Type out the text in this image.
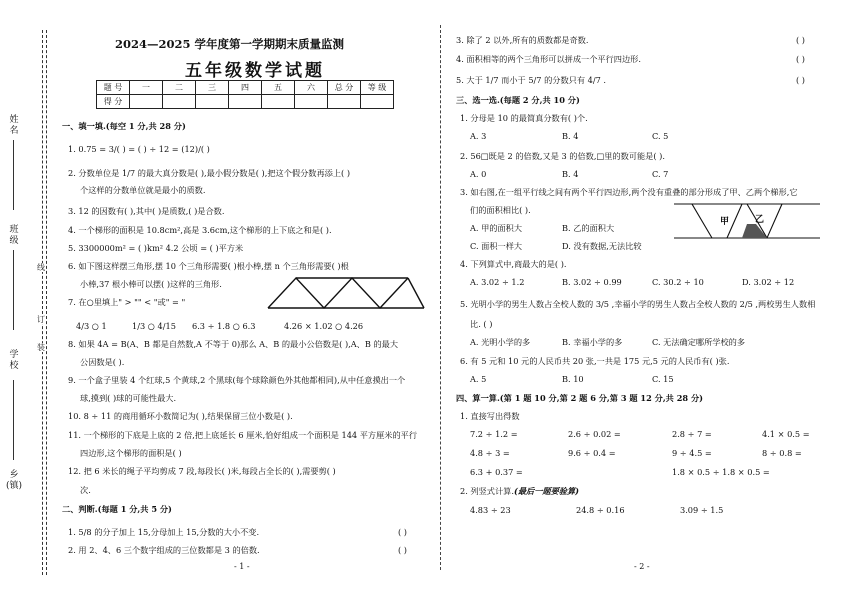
姓名
班级
学校
乡(镇)
线
订
装
2024—2025 学年度第一学期期末质量监测
五年级数学试题
题 号	一	二	三	四	五	六	总 分	等 级
得 分								
一、填一填.(每空 1 分,共 28 分)
1. 0.75 = 3/( ) = ( ) ÷ 12 = (12)/( )
2. 分数单位是 1/7 的最大真分数是( ),最小假分数是( ),把这个假分数再添上( )
个这样的分数单位就是最小的质数.
3. 12 的因数有( ),其中( )是质数,( )是合数.
4. 一个梯形的面积是 10.8cm²,高是 3.6cm,这个梯形的上下底之和是( ).
5. 3300000m² = ( )km² 4.2 公顷 = ( )平方米
6. 如下图这样摆三角形,摆 10 个三角形需要( )根小棒,摆 n 个三角形需要( )根
小棒,37 根小棒可以摆( )这样的三角形.
7. 在○里填上" > "" < "或" = "
4/3 ○ 1	1/3 ○ 4/15 6.3 ÷ 1.8 ○ 6.3	4.26 × 1.02 ○ 4.26
8. 如果 4A = B(A、B 都是自然数,A 不等于 0)那么 A、B 的最小公倍数是( ),A、B 的最大
公因数是( ).
9. 一个盒子里装 4 个红球,5 个黄球,2 个黑球(每个球除颜色外其他都相同),从中任意摸出一个
球,摸到( )球的可能性最大.
10. 8 ÷ 11 的商用循环小数简记为( ),结果保留三位小数是( ).
11. 一个梯形的下底是上底的 2 倍,把上底延长 6 厘米,恰好组成一个面积是 144 平方厘米的平行
四边形,这个梯形的面积是( )
12. 把 6 米长的绳子平均剪成 7 段,每段长( )米,每段占全长的( ),需要剪( )
次.
二、判断.(每题 1 分,共 5 分)
1. 5/8 的分子加上 15,分母加上 15,分数的大小不变.	( )
2. 用 2、4、6 三个数字组成的三位数都是 3 的倍数.	( )
- 1 -
3. 除了 2 以外,所有的质数都是奇数.	( )
4. 面积相等的两个三角形可以拼成一个平行四边形.	( )
5. 大于 1/7 而小于 5/7 的分数只有 4/7 .	( )
三、选一选.(每题 2 分,共 10 分)
1. 分母是 10 的最简真分数有( )个.
A. 3	B. 4	C. 5
2. 56□既是 2 的倍数,又是 3 的倍数,□里的数可能是( ).
A. 0	B. 4	C. 7
3. 如右图,在一组平行线之间有两个平行四边形,两个没有重叠的部分形成了甲、乙两个梯形,它
们的面积相比( ).
A. 甲的面积大	B. 乙的面积大
C. 面积一样大	D. 没有数据,无法比较
甲	乙
4. 下列算式中,商最大的是( ).
A. 3.02 ÷ 1.2	B. 3.02 ÷ 0.99	C. 30.2 ÷ 10	D. 3.02 ÷ 12
5. 光明小学的男生人数占全校人数的 3/5 ,幸福小学的男生人数占全校人数的 2/5 ,两校男生人数相
比. ( )
A. 光明小学的多	B. 幸福小学的多	C. 无法确定哪所学校的多
6. 有 5 元和 10 元的人民币共 20 张,一共是 175 元,5 元的人民币有( )张.
A. 5	B. 10	C. 15
四、算一算.(第 1 题 10 分,第 2 题 6 分,第 3 题 12 分,共 28 分)
1. 直接写出得数
7.2 ÷ 1.2 =	2.6 ÷ 0.02 =	2.8 ÷ 7 =	4.1 × 0.5 =
4.8 ÷ 3 =	9.6 ÷ 0.4 =	9 ÷ 4.5 =	8 ÷ 0.8 =
6.3 + 0.37 =	1.8 × 0.5 ÷ 1.8 × 0.5 =
2. 列竖式计算.(最后一题要验算)
4.83 ÷ 23	24.8 ÷ 0.16	3.09 ÷ 1.5
- 2 -
